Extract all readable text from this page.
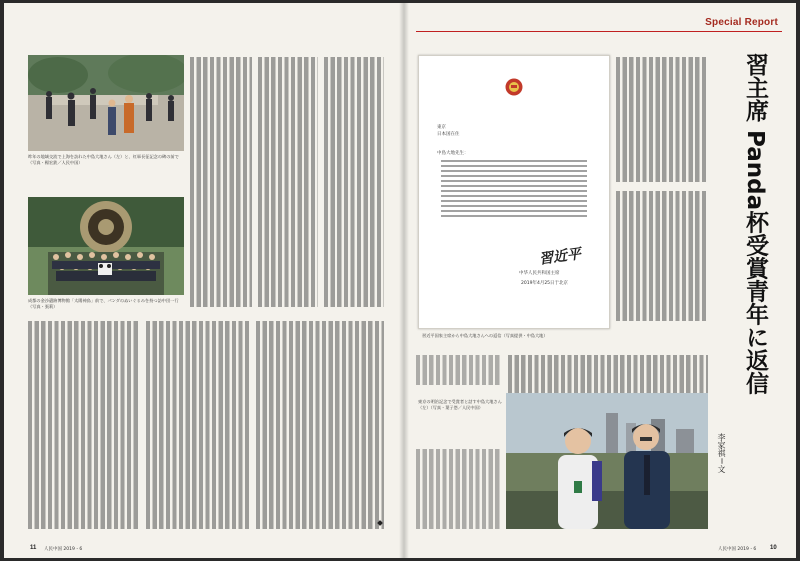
昨年の地域交流で上海を訪れた中島大地さん（左）と、紅軍長征記念の碑の前で（写真・楊宏鉄／人民中国）
成都の金沙遺跡博物館「太陽神鳥」前で、パンダのぬいぐるみを持つ訪中団一行（写真・張莉）
11 人民中国 2019・6
Special Report
習主席 Panda杯受賞青年に返信
李家祺＝文
東京
日本国在住
中島大地先生：
習近平
中华人民共和国主席
2019年4月25日于北京
習近平国家主席から中島大地さんへの返信（写真提供・中島大地）
東京の明治記念で受賞者と話す中島大地さん（左）（写真・葉子悠／人民中国）
人民中国 2019・6 10
